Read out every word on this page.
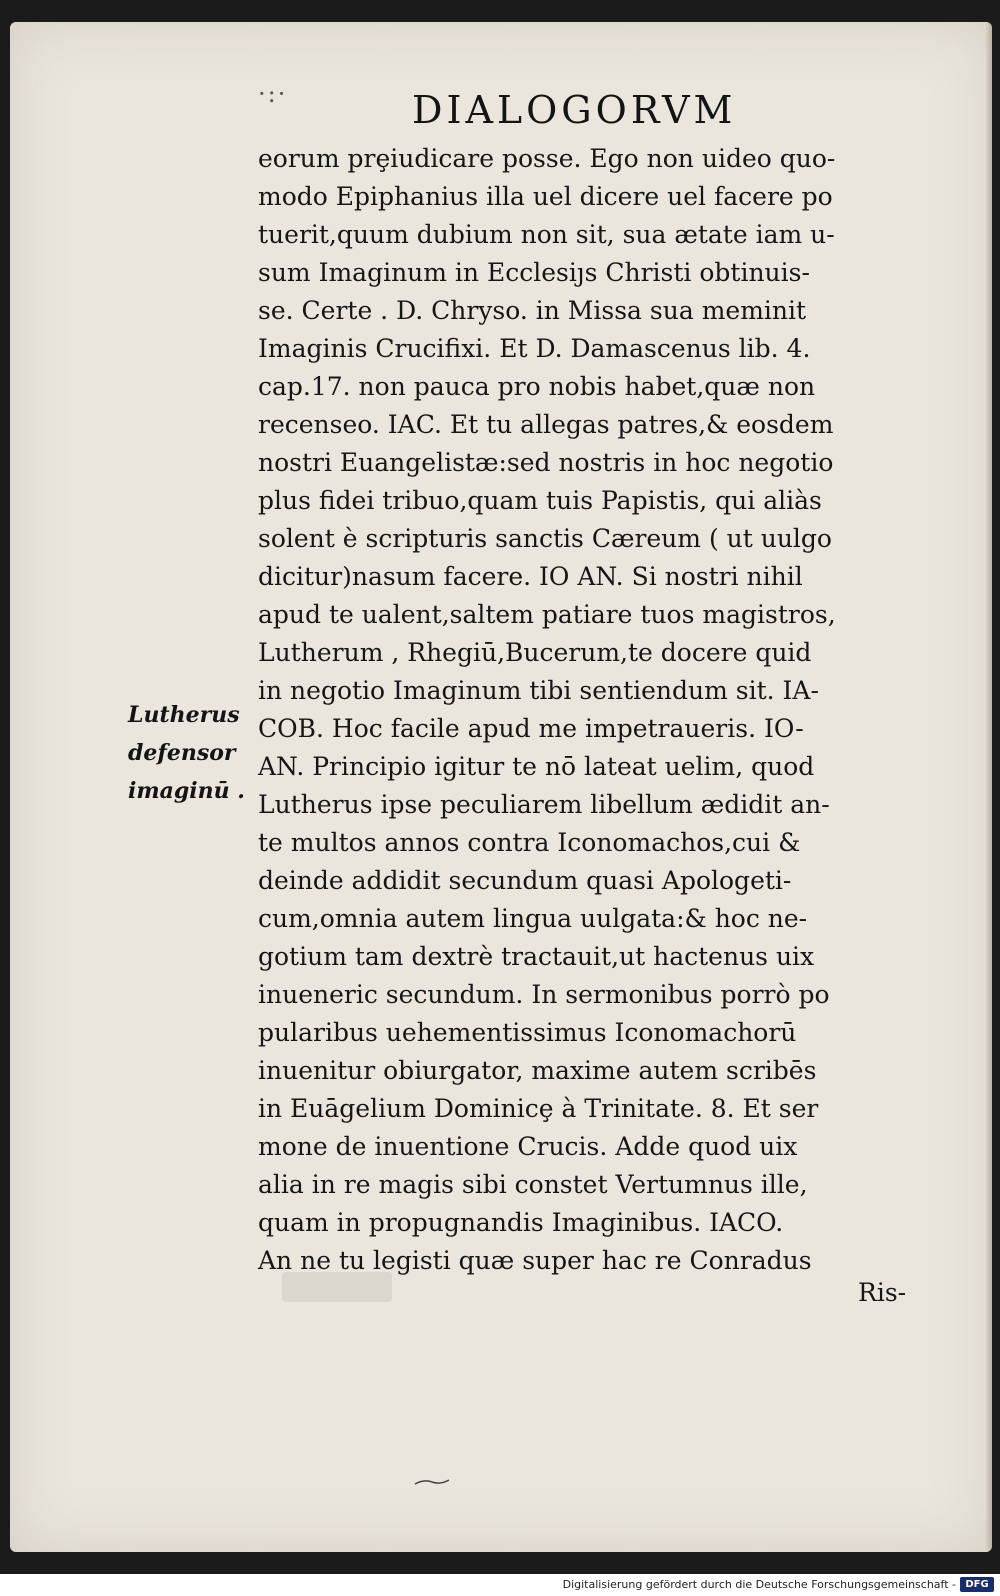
·:·	DIALOGORVM
eorum prȩiudicare posse. Ego non uideo quo-
modo Epiphanius illa uel dicere uel facere po
tuerit,quum dubium non sit, sua ætate iam u-
sum Imaginum in Ecclesiȷs Christi obtinuis-
se. Certe . D. Chryso. in Missa sua meminit
Imaginis Crucifixi. Et D. Damascenus lib. 4.
cap.17. non pauca pro nobis habet,quæ non
recenseo. IAC. Et tu allegas patres,& eosdem
nostri Euangelistæ:sed nostris in hoc negotio
plus fidei tribuo,quam tuis Papistis, qui aliàs
solent è scripturis sanctis Cæreum ( ut uulgo
dicitur)nasum facere. IO AN. Si nostri nihil
apud te ualent,saltem patiare tuos magistros,
Lutherum , Rhegiū,Bucerum,te docere quid
in negotio Imaginum tibi sentiendum sit. IA-
COB. Hoc facile apud me impetraueris. IO-
AN. Principio igitur te nō lateat uelim, quod
Lutherus ipse peculiarem libellum ædidit an-
te multos annos contra Iconomachos,cui &
deinde addidit secundum quasi Apologeti-
cum,omnia autem lingua uulgata:& hoc ne-
gotium tam dextrè tractauit,ut hactenus uix
inueneric secundum. In sermonibus porrò po
pularibus uehementissimus Iconomachorū
inuenitur obiurgator, maxime autem scribēs
in Euāgelium Dominicȩ à Trinitate. 8. Et ser
mone de inuentione Crucis. Adde quod uix
alia in re magis sibi constet Vertumnus ille,
quam in propugnandis Imaginibus. IACO.
An ne tu legisti quæ super hac re Conradus
Lutherus
defensor
imaginū .
Ris-
Digitalisierung gefördert durch die Deutsche Forschungsgemeinschaft - DFG
